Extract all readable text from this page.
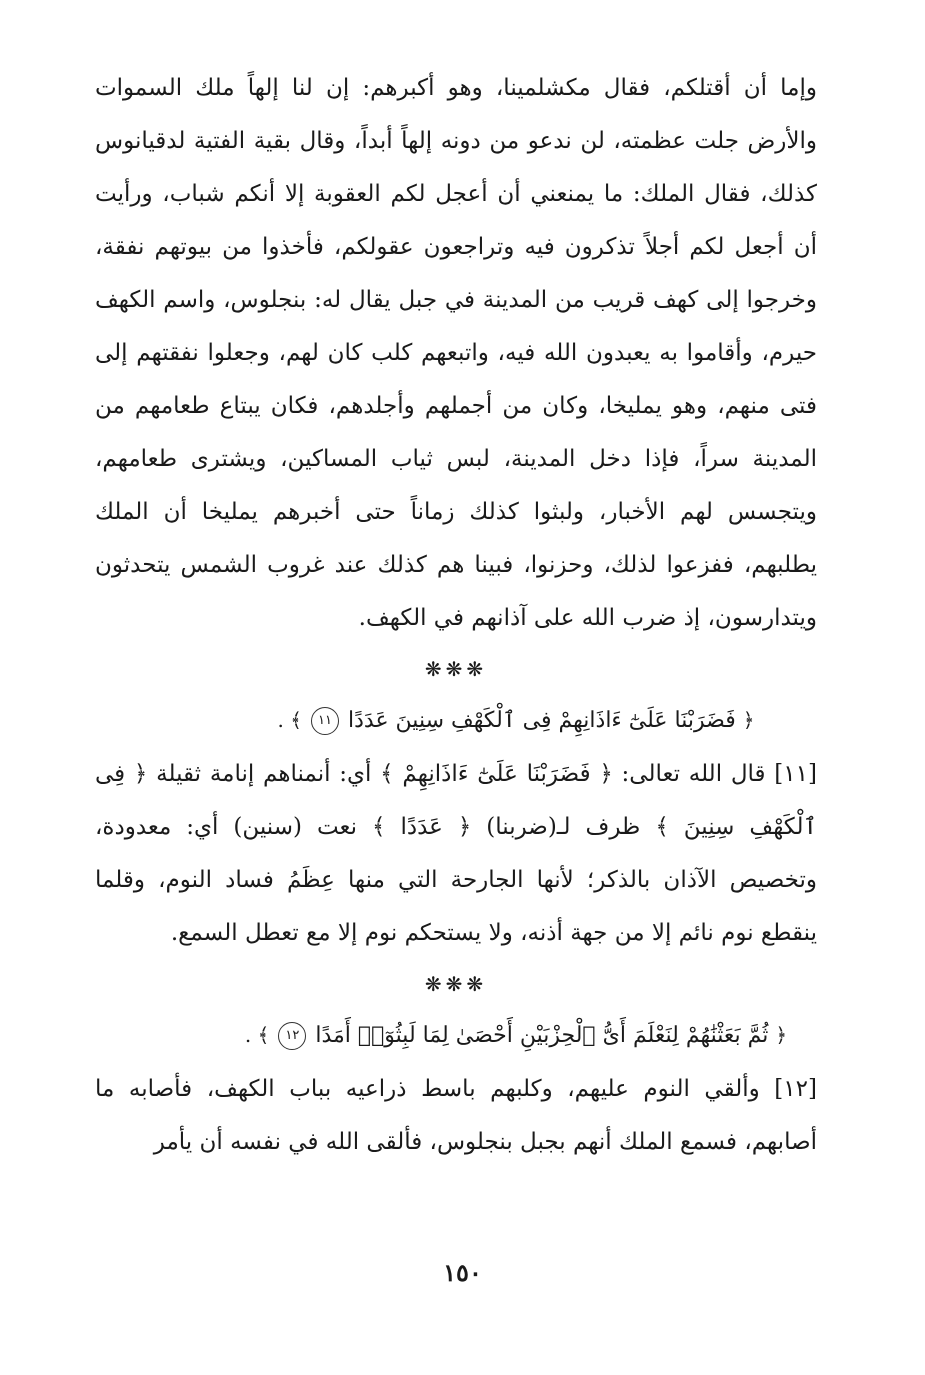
وإما أن أقتلكم، فقال مكشلمينا، وهو أكبرهم: إن لنا إلهاً ملك السموات والأرض جلت عظمته، لن ندعو من دونه إلهاً أبداً، وقال بقية الفتية لدقيانوس كذلك، فقال الملك: ما يمنعني أن أعجل لكم العقوبة إلا أنكم شباب، ورأيت أن أجعل لكم أجلاً تذكرون فيه وتراجعون عقولكم، فأخذوا من بيوتهم نفقة، وخرجوا إلى كهف قريب من المدينة في جبل يقال له: بنجلوس، واسم الكهف حيرم، وأقاموا به يعبدون الله فيه، واتبعهم كلب كان لهم، وجعلوا نفقتهم إلى فتى منهم، وهو يمليخا، وكان من أجملهم وأجلدهم، فكان يبتاع طعامهم من المدينة سراً، فإذا دخل المدينة، لبس ثياب المساكين، ويشترى طعامهم، ويتجسس لهم الأخبار، ولبثوا كذلك زماناً حتى أخبرهم يمليخا أن الملك يطلبهم، ففزعوا لذلك، وحزنوا، فبينا هم كذلك عند غروب الشمس يتحدثون ويتدارسون، إذ ضرب الله على آذانهم في الكهف.

❋❋❋
﴿ فَضَرَبْنَا عَلَىٰٓ ءَاذَانِهِمْ فِى ٱلْكَهْفِ سِنِينَ عَدَدًا ١١ ﴾ .

[١١] قال الله تعالى: ﴿ فَضَرَبْنَا عَلَىٰٓ ءَاذَانِهِمْ ﴾ أي: أنمناهم إنامة ثقيلة ﴿ فِى ٱلْكَهْفِ سِنِينَ ﴾ ظرف لـ(ضربنا) ﴿ عَدَدًا ﴾ نعت (سنين) أي: معدودة، وتخصيص الآذان بالذكر؛ لأنها الجارحة التي منها عِظَمُ فساد النوم، وقلما ينقطع نوم نائم إلا من جهة أذنه، ولا يستحكم نوم إلا مع تعطل السمع.

❋❋❋
﴿ ثُمَّ بَعَثْنَٰهُمْ لِنَعْلَمَ أَىُّ ٱلْحِزْبَيْنِ أَحْصَىٰ لِمَا لَبِثُوٓا۟ أَمَدًا ١٢ ﴾ .

[١٢] وألقي النوم عليهم، وكلبهم باسط ذراعيه بباب الكهف، فأصابه ما أصابهم، فسمع الملك أنهم بجبل بنجلوس، فألقى الله في نفسه أن يأمر

١٥٠
